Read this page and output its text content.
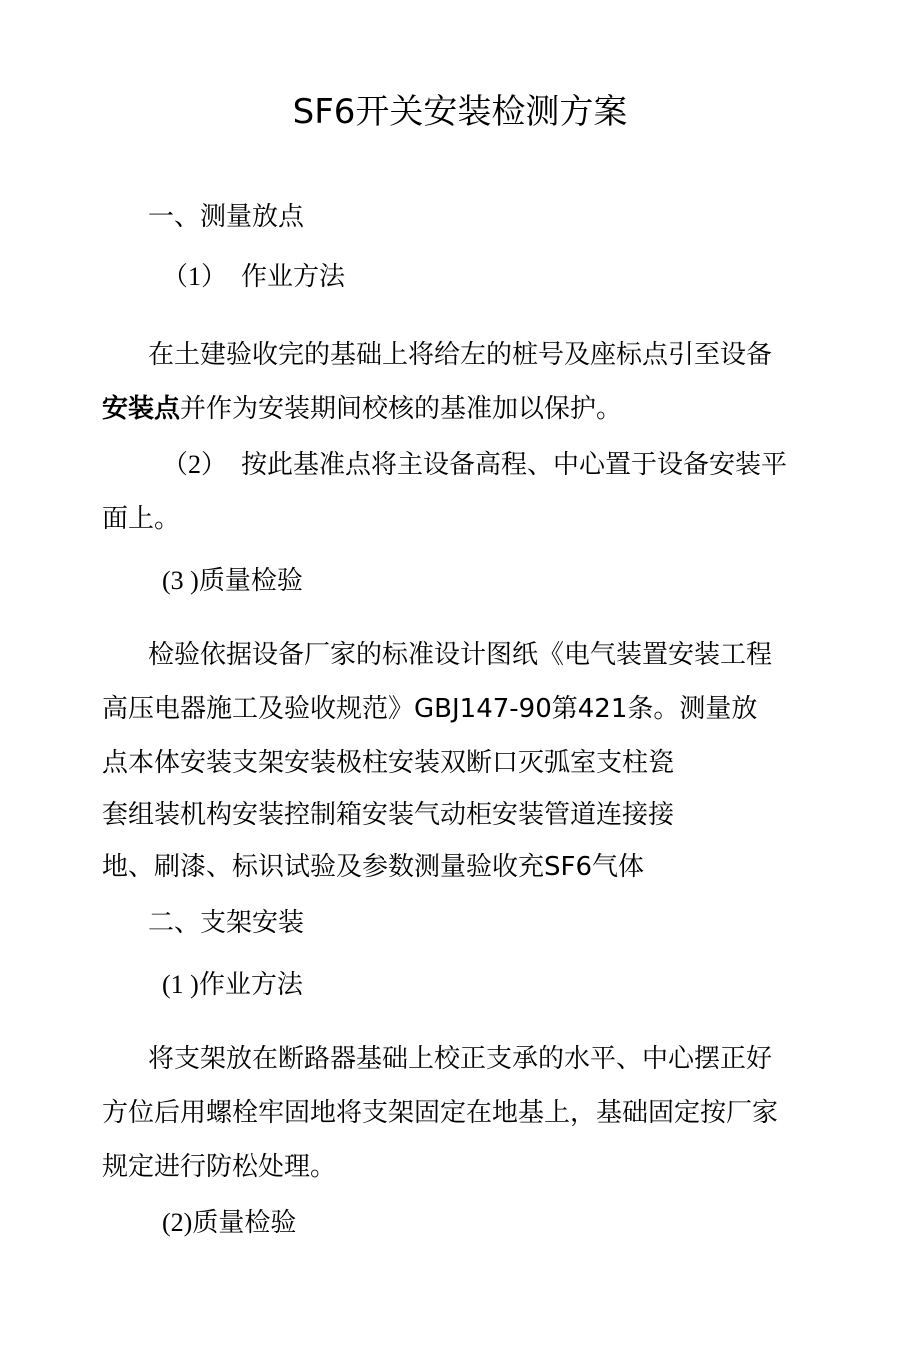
SF6开关安装检测方案

一、测量放点

（1） 作业方法

在土建验收完的基础上将给左的桩号及座标点引至设备

安装点并作为安装期间校核的基准加以保护。

（2） 按此基准点将主设备高程、中心置于设备安装平

面上。

(3 )质量检验

检验依据设备厂家的标准设计图纸《电气装置安装工程

高压电器施工及验收规范》GBJ147-90第421条。测量放

点本体安装支架安装极柱安装双断口灭弧室支柱瓷

套组装机构安装控制箱安装气动柜安装管道连接接

地、刷漆、标识试验及参数测量验收充SF6气体

二、支架安装

(1 )作业方法

将支架放在断路器基础上校正支承的水平、中心摆正好

方位后用螺栓牢固地将支架固定在地基上，基础固定按厂家

规定进行防松处理。

(2)质量检验
